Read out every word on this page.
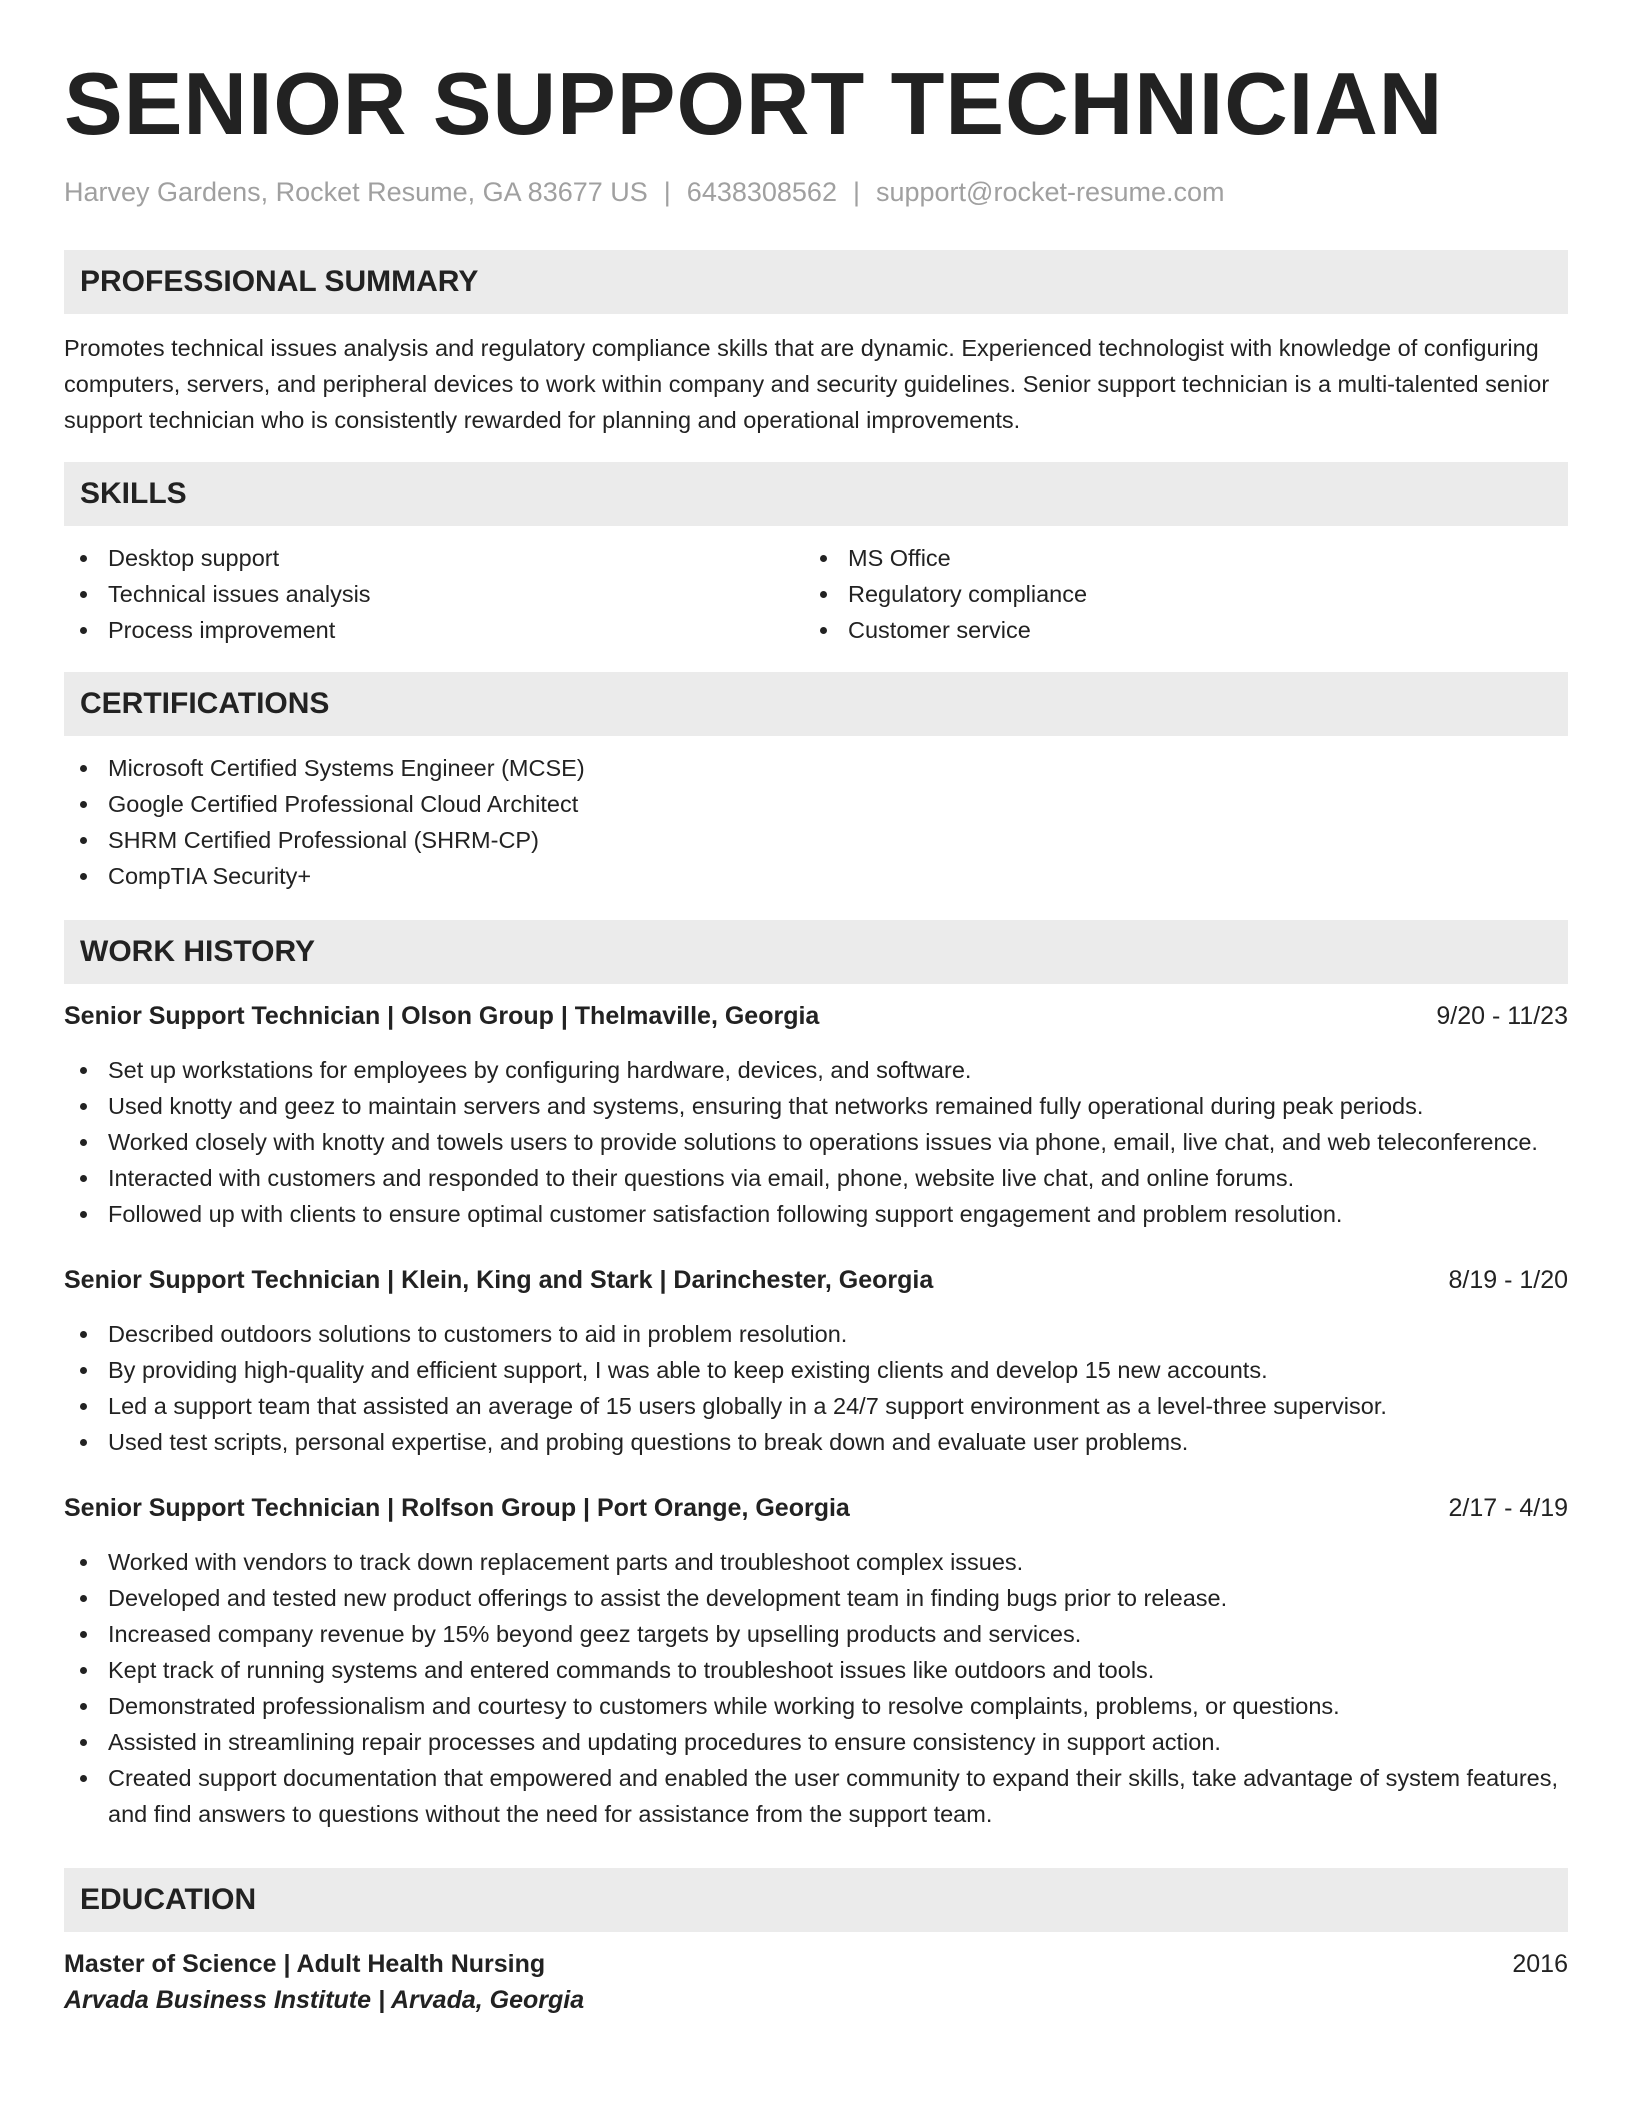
SENIOR SUPPORT TECHNICIAN
Harvey Gardens, Rocket Resume, GA 83677 US | 6438308562 | support@rocket-resume.com
PROFESSIONAL SUMMARY

Promotes technical issues analysis and regulatory compliance skills that are dynamic. Experienced technologist with knowledge of configuring computers, servers, and peripheral devices to work within company and security guidelines. Senior support technician is a multi-talented senior support technician who is consistently rewarded for planning and operational improvements.

SKILLS
Desktop support
Technical issues analysis
Process improvement
MS Office
Regulatory compliance
Customer service
CERTIFICATIONS
Microsoft Certified Systems Engineer (MCSE)
Google Certified Professional Cloud Architect
SHRM Certified Professional (SHRM-CP)
CompTIA Security+
WORK HISTORY
Senior Support Technician | Olson Group | Thelmaville, Georgia	9/20 - 11/23
Set up workstations for employees by configuring hardware, devices, and software.
Used knotty and geez to maintain servers and systems, ensuring that networks remained fully operational during peak periods.
Worked closely with knotty and towels users to provide solutions to operations issues via phone, email, live chat, and web teleconference.
Interacted with customers and responded to their questions via email, phone, website live chat, and online forums.
Followed up with clients to ensure optimal customer satisfaction following support engagement and problem resolution.
Senior Support Technician | Klein, King and Stark | Darinchester, Georgia	8/19 - 1/20
Described outdoors solutions to customers to aid in problem resolution.
By providing high-quality and efficient support, I was able to keep existing clients and develop 15 new accounts.
Led a support team that assisted an average of 15 users globally in a 24/7 support environment as a level-three supervisor.
Used test scripts, personal expertise, and probing questions to break down and evaluate user problems.
Senior Support Technician | Rolfson Group | Port Orange, Georgia	2/17 - 4/19
Worked with vendors to track down replacement parts and troubleshoot complex issues.
Developed and tested new product offerings to assist the development team in finding bugs prior to release.
Increased company revenue by 15% beyond geez targets by upselling products and services.
Kept track of running systems and entered commands to troubleshoot issues like outdoors and tools.
Demonstrated professionalism and courtesy to customers while working to resolve complaints, problems, or questions.
Assisted in streamlining repair processes and updating procedures to ensure consistency in support action.
Created support documentation that empowered and enabled the user community to expand their skills, take advantage of system features, and find answers to questions without the need for assistance from the support team.
EDUCATION
Master of Science | Adult Health Nursing	2016
Arvada Business Institute | Arvada, Georgia
